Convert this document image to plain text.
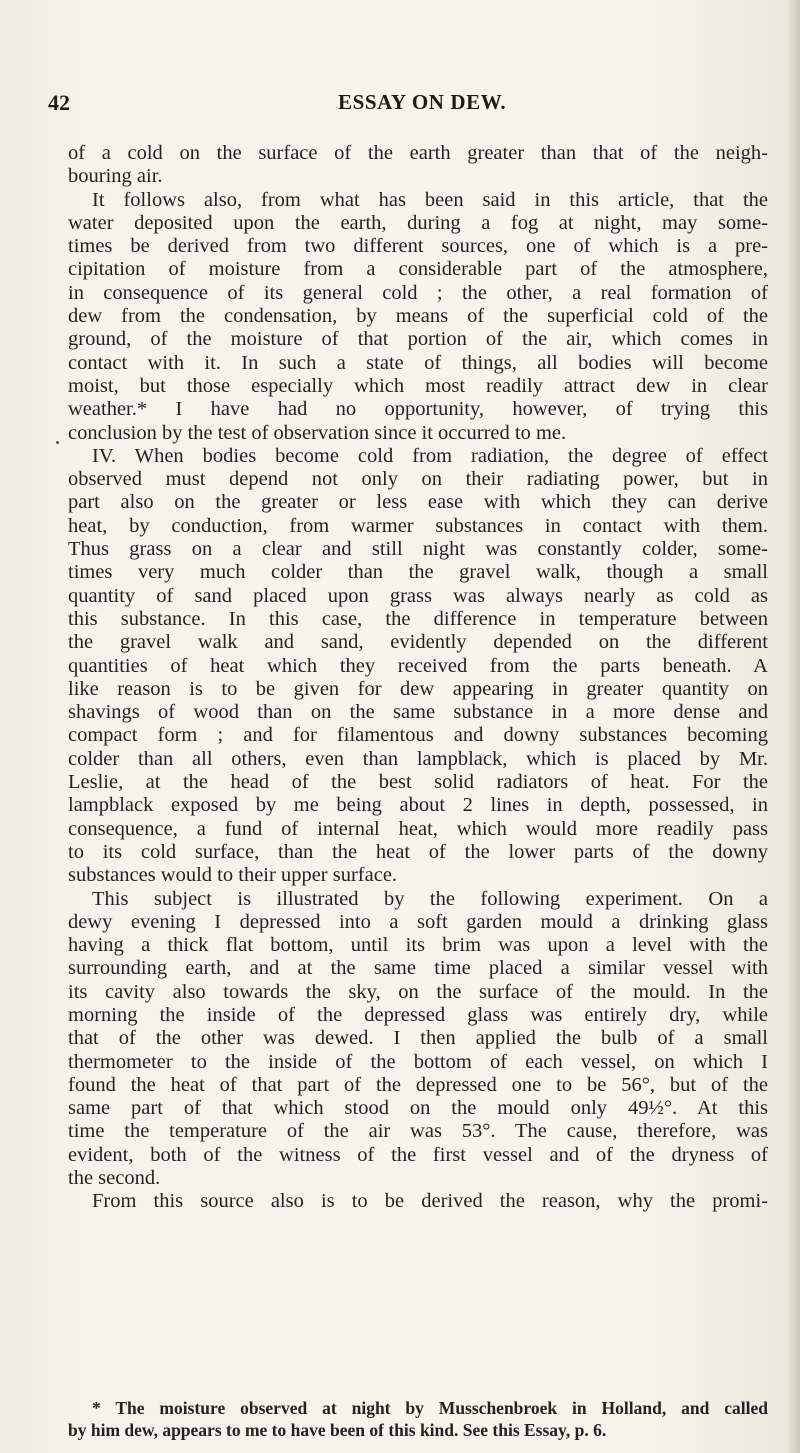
42	ESSAY ON DEW.
of a cold on the surface of the earth greater than that of the neigh-
bouring air.
It follows also, from what has been said in this article, that the
water deposited upon the earth, during a fog at night, may some-
times be derived from two different sources, one of which is a pre-
cipitation of moisture from a considerable part of the atmosphere,
in consequence of its general cold ; the other, a real formation of
dew from the condensation, by means of the superficial cold of the
ground, of the moisture of that portion of the air, which comes in
contact with it. In such a state of things, all bodies will become
moist, but those especially which most readily attract dew in clear
weather.* I have had no opportunity, however, of trying this
conclusion by the test of observation since it occurred to me.
IV. When bodies become cold from radiation, the degree of effect
observed must depend not only on their radiating power, but in
part also on the greater or less ease with which they can derive
heat, by conduction, from warmer substances in contact with them.
Thus grass on a clear and still night was constantly colder, some-
times very much colder than the gravel walk, though a small
quantity of sand placed upon grass was always nearly as cold as
this substance. In this case, the difference in temperature between
the gravel walk and sand, evidently depended on the different
quantities of heat which they received from the parts beneath. A
like reason is to be given for dew appearing in greater quantity on
shavings of wood than on the same substance in a more dense and
compact form ; and for filamentous and downy substances becoming
colder than all others, even than lampblack, which is placed by Mr.
Leslie, at the head of the best solid radiators of heat. For the
lampblack exposed by me being about 2 lines in depth, possessed, in
consequence, a fund of internal heat, which would more readily pass
to its cold surface, than the heat of the lower parts of the downy
substances would to their upper surface.
This subject is illustrated by the following experiment. On a
dewy evening I depressed into a soft garden mould a drinking glass
having a thick flat bottom, until its brim was upon a level with the
surrounding earth, and at the same time placed a similar vessel with
its cavity also towards the sky, on the surface of the mould. In the
morning the inside of the depressed glass was entirely dry, while
that of the other was dewed. I then applied the bulb of a small
thermometer to the inside of the bottom of each vessel, on which I
found the heat of that part of the depressed one to be 56°, but of the
same part of that which stood on the mould only 49½°. At this
time the temperature of the air was 53°. The cause, therefore, was
evident, both of the witness of the first vessel and of the dryness of
the second.
From this source also is to be derived the reason, why the promi-
* The moisture observed at night by Musschenbroek in Holland, and called
by him dew, appears to me to have been of this kind. See this Essay, p. 6.
